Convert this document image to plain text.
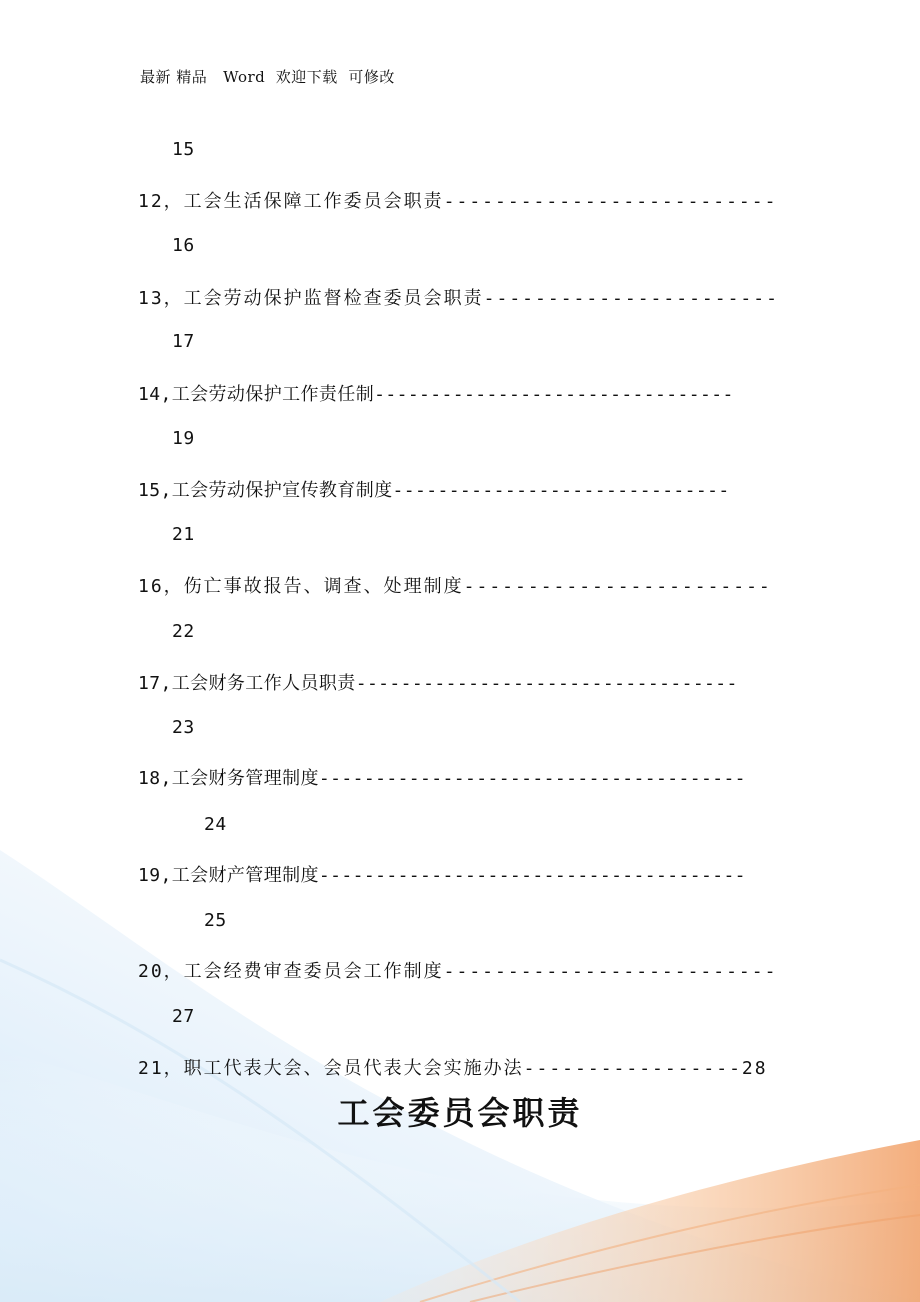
最新 精品   Word  欢迎下载  可修改
15
12，工会生活保障工作委员会职责--------------------------
16
13，工会劳动保护监督检查委员会职责-----------------------
17
14,工会劳动保护工作责任制--------------------------------
19
15,工会劳动保护宣传教育制度------------------------------
21
16，伤亡事故报告、调查、处理制度------------------------
22
17,工会财务工作人员职责----------------------------------
23
18,工会财务管理制度--------------------------------------
24
19,工会财产管理制度--------------------------------------
25
20，工会经费审查委员会工作制度--------------------------
27
21，职工代表大会、会员代表大会实施办法-----------------28
工会委员会职责
